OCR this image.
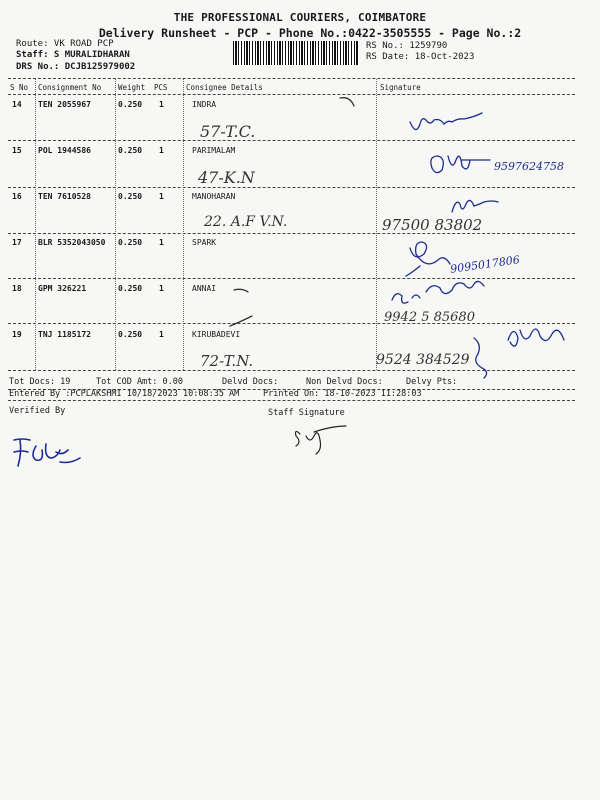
THE PROFESSIONAL COURIERS, COIMBATORE
Delivery Runsheet - PCP - Phone No.:0422-3505555 - Page No.:2
Route: VK ROAD PCP
Staff: S MURALIDHARAN
DRS No.: DCJB125979002
RS No.: 1259790
RS Date: 18-Oct-2023
S No Consignment No Weight PCS Consignee Details	Signature
14 TEN 2055967	0.250 1	INDRA
57-T.C.
15 POL 1944586	0.250 1	PARIMALAM
47-K.N
9597624758
16 TEN 7610528	0.250 1	MANOHARAN
22. A.F V.N.	97500 83802
17 BLR 5352043050 0.250 1	SPARK
9095017806
18 GPM 326221	0.250 1	ANNAI
9942 5 85680
19 TNJ 1185172	0.250 1	KIRUBADEVI
72-T.N.	9524 384529
Tot Docs: 19	Tot COD Amt: 0.00	Delvd Docs:	Non Delvd Docs:	Delvy Pts:
Entered By :PCPLAKSHMI 10/18/2023 10:08:35 AM	Printed On: 18-10-2023 11:28:03
Verified By	Staff Signature
